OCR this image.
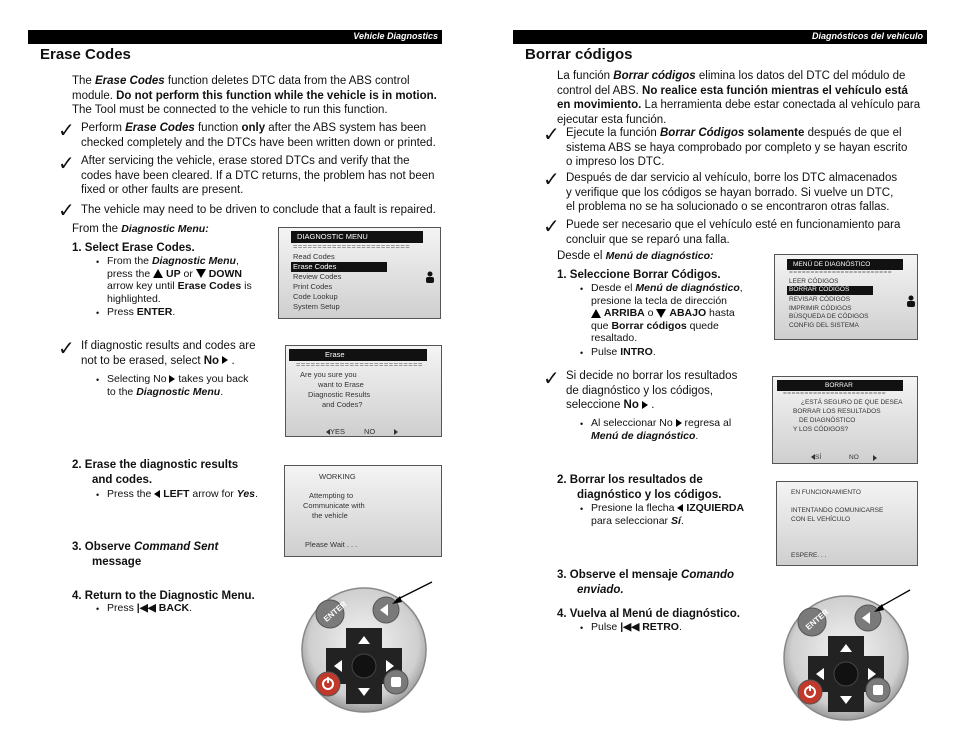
Vehicle Diagnostics
Erase Codes
The Erase Codes function deletes DTC data from the ABS control
module. Do not perform this function while the vehicle is in motion.
The Tool must be connected to the vehicle to run this function.
✓ Perform Erase Codes function only after the ABS system has been
checked completely and the DTCs have been written down or printed.
✓ After servicing the vehicle, erase stored DTCs and verify that the
codes have been cleared. If a DTC returns, the problem has not been
fixed or other faults are present.
✓ The vehicle may need to be driven to conclude that a fault is repaired.
From the Diagnostic Menu:
1. Select Erase Codes.
• From the Diagnostic Menu,
press the  UP or  DOWN
arrow key until Erase Codes is
highlighted.
• Press ENTER.
DIAGNOSTIC MENU
========================
Read Codes
Erase Codes
Review Codes
Print Codes
Code Lookup
System Setup
✓ If diagnostic results and codes are
not to be erased, select No  .
• Selecting No  takes you back
to the Diagnostic Menu.
Erase
==========================
Are you sure you
want to Erase
Diagnostic Results
and Codes?
YES	NO
2. Erase the diagnostic results
and codes.
• Press the  LEFT arrow for Yes.
WORKING
Attempting to
Communicate with
the vehicle
Please Wait . . .
3. Observe Command Sent
message
4. Return to the Diagnostic Menu.
• Press |◀◀ BACK.	ENTER
Diagnósticos del vehículo
Borrar códigos
La función Borrar códigos elimina los datos del DTC del módulo de
control del ABS. No realice esta función mientras el vehículo está
en movimiento. La herramienta debe estar conectada al vehículo para
ejecutar esta función.
✓ Ejecute la función Borrar Códigos solamente después de que el
sistema ABS se haya comprobado por completo y se hayan escrito
o impreso los DTC.
✓ Después de dar servicio al vehículo, borre los DTC almacenados
y verifique que los códigos se hayan borrado. Si vuelve un DTC,
el problema no se ha solucionado o se encontraron otras fallas.
✓ Puede ser necesario que el vehículo esté en funcionamiento para
concluir que se reparó una falla.
Desde el Menú de diagnóstico:
1. Seleccione Borrar Códigos.
• Desde el Menú de diagnóstico,
presione la tecla de dirección
ARRIBA o  ABAJO hasta
que Borrar códigos quede
resaltado.
• Pulse INTRO.
MENÚ DE DIAGNÓSTICO
========================
LEER CÓDIGOS
BORRAR CÓDIGOS
REVISAR CÓDIGOS
IMPRIMIR CÓDIGOS
BÚSQUEDA DE CÓDIGOS
CONFIG DEL SISTEMA
✓ Si decide no borrar los resultados
de diagnóstico y los códigos,
seleccione No  .
• Al seleccionar No  regresa al
Menú de diagnóstico.
BORRAR
========================
¿ESTÁ SEGURO DE QUE DESEA
BORRAR LOS RESULTADOS
DE DIAGNÓSTICO
Y LOS CÓDIGOS?
SÍ	NO
2. Borrar los resultados de
diagnóstico y los códigos.
• Presione la flecha  IZQUIERDA
para seleccionar Sí.
EN FUNCIONAMIENTO
INTENTANDO COMUNICARSE
CON EL VEHÍCULO
ESPERE. . .
3. Observe el mensaje Comando
enviado.
4. Vuelva al Menú de diagnóstico.
• Pulse |◀◀ RETRO.	ENTER
